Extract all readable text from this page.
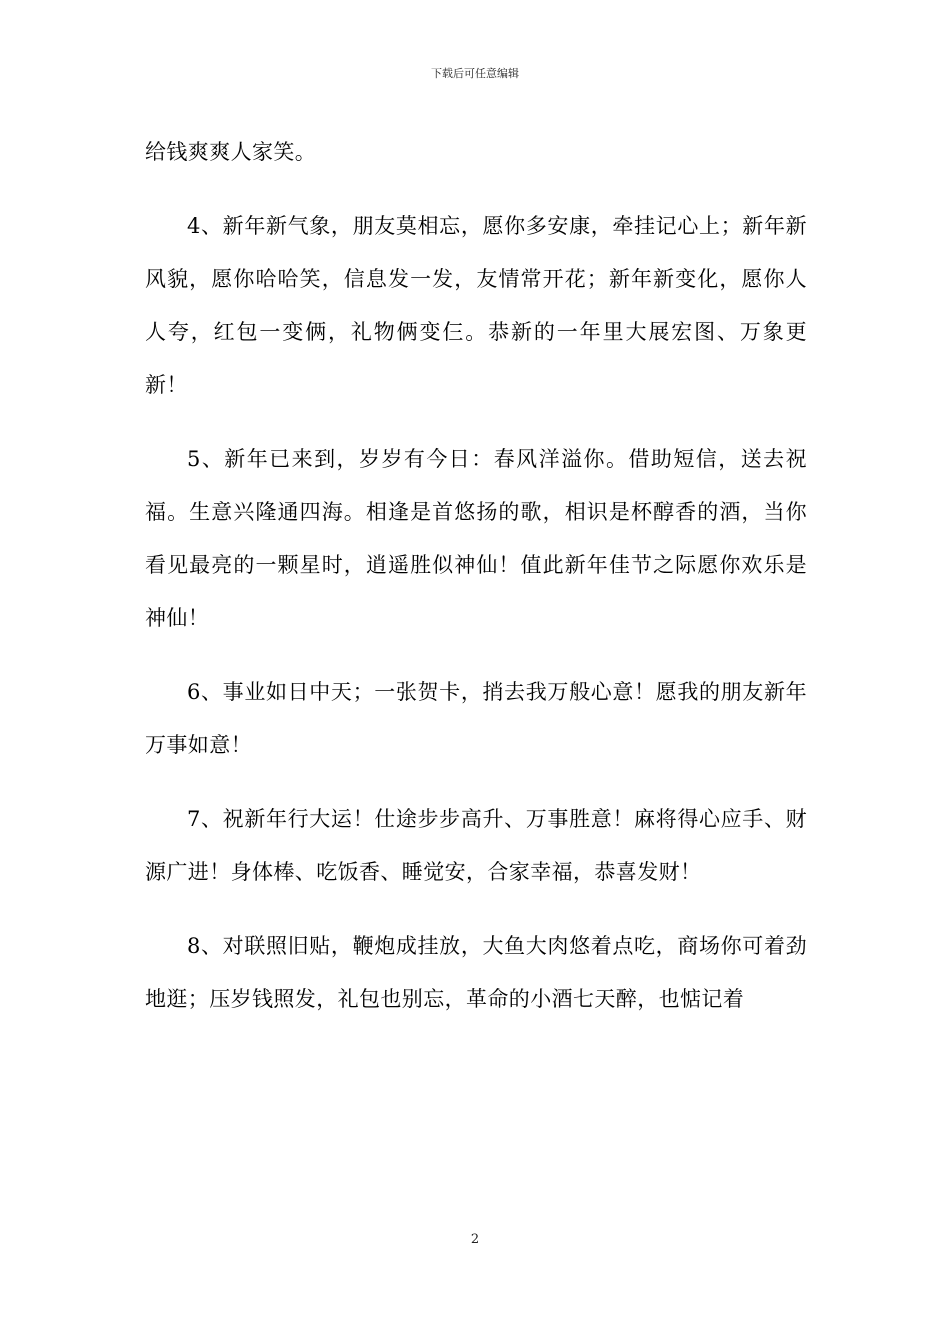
下载后可任意编辑

给钱爽爽人家笑。

4、新年新气象，朋友莫相忘，愿你多安康，牵挂记心上；新年新风貌，愿你哈哈笑，信息发一发，友情常开花；新年新变化，愿你人人夸，红包一变俩，礼物俩变仨。恭新的一年里大展宏图、万象更新！

5、新年已来到，岁岁有今日：春风洋溢你。借助短信，送去祝福。生意兴隆通四海。相逢是首悠扬的歌，相识是杯醇香的酒，当你看见最亮的一颗星时，逍遥胜似神仙！值此新年佳节之际愿你欢乐是神仙！

6、事业如日中天；一张贺卡，捎去我万般心意！愿我的朋友新年万事如意！

7、祝新年行大运！仕途步步高升、万事胜意！麻将得心应手、财源广进！身体棒、吃饭香、睡觉安，合家幸福，恭喜发财！

8、对联照旧贴，鞭炮成挂放，大鱼大肉悠着点吃，商场你可着劲地逛；压岁钱照发，礼包也别忘，革命的小酒七天醉，也惦记着

2
